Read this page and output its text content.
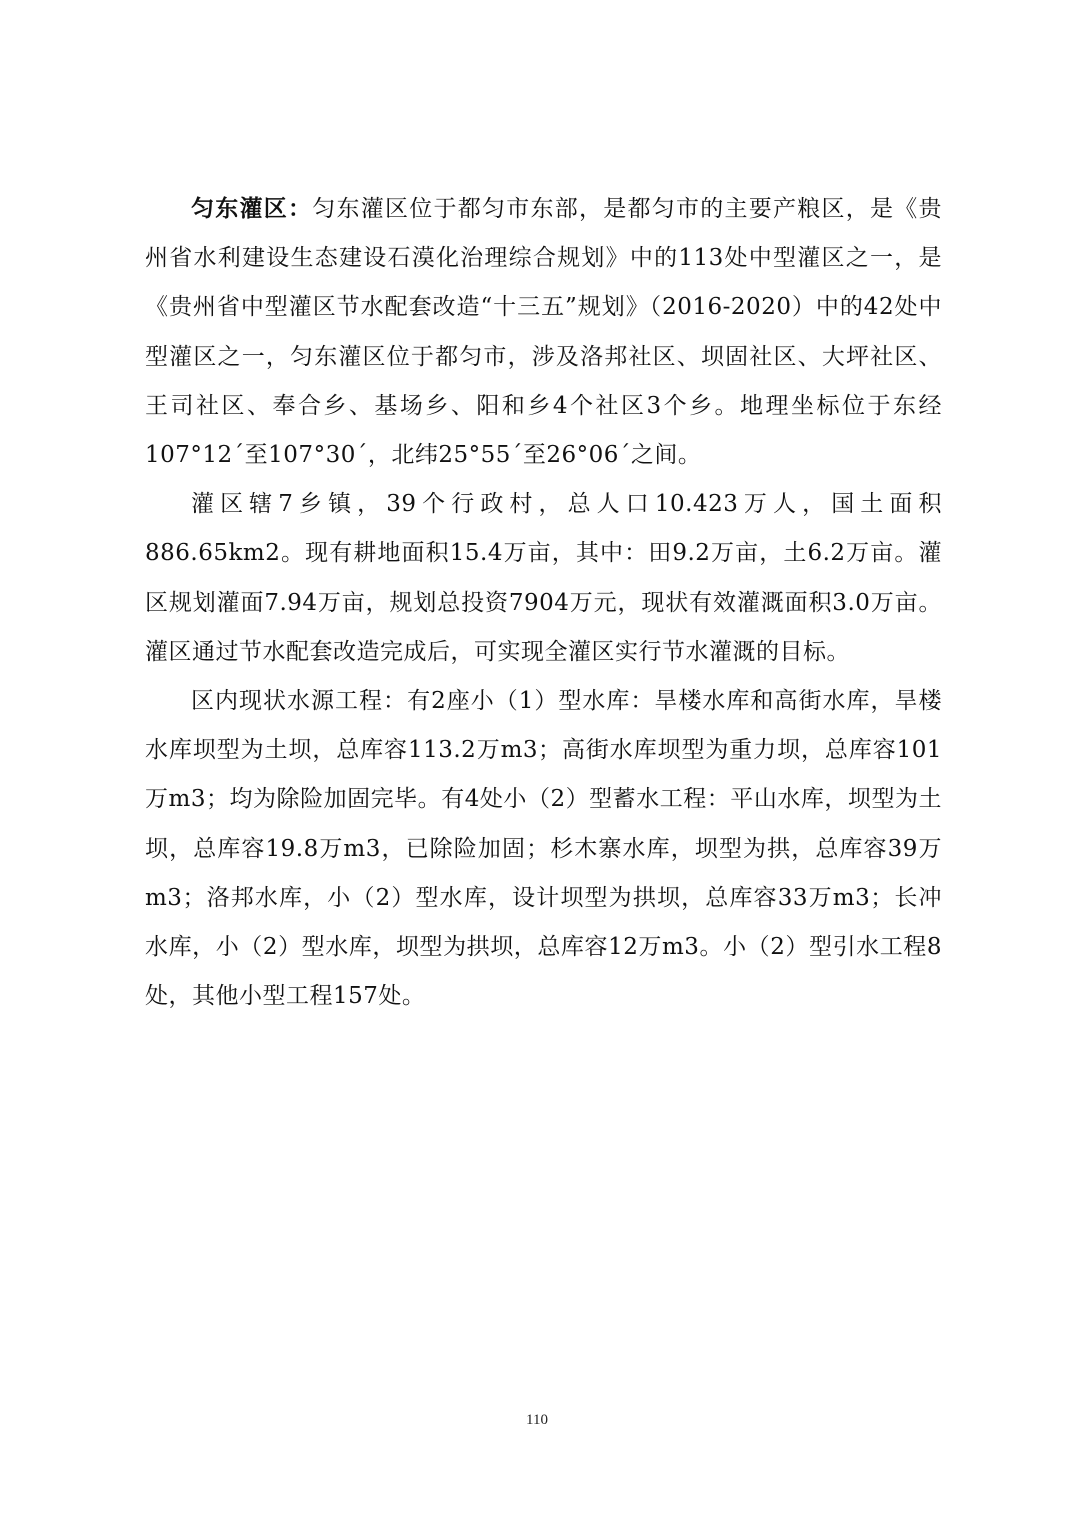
匀东灌区：匀东灌区位于都匀市东部，是都匀市的主要产粮区，是《贵州省水利建设生态建设石漠化治理综合规划》中的113处中型灌区之一，是《贵州省中型灌区节水配套改造“十三五”规划》（2016-2020）中的42处中型灌区之一，匀东灌区位于都匀市，涉及洛邦社区、坝固社区、大坪社区、王司社区、奉合乡、基场乡、阳和乡4个社区3个乡。地理坐标位于东经107°12´至107°30´，北纬25°55´至26°06´之间。

灌区辖7乡镇，39个行政村，总人口10.423万人，国土面积886.65km2。现有耕地面积15.4万亩，其中：田9.2万亩，土6.2万亩。灌区规划灌面7.94万亩，规划总投资7904万元，现状有效灌溉面积3.0万亩。灌区通过节水配套改造完成后，可实现全灌区实行节水灌溉的目标。

区内现状水源工程：有2座小（1）型水库：旱楼水库和高街水库，旱楼水库坝型为土坝，总库容113.2万m3；高街水库坝型为重力坝，总库容101万m3；均为除险加固完毕。有4处小（2）型蓄水工程：平山水库，坝型为土坝，总库容19.8万m3，已除险加固；杉木寨水库，坝型为拱，总库容39万m3；洛邦水库，小（2）型水库，设计坝型为拱坝，总库容33万m3；长冲水库，小（2）型水库，坝型为拱坝，总库容12万m3。小（2）型引水工程8处，其他小型工程157处。

110
